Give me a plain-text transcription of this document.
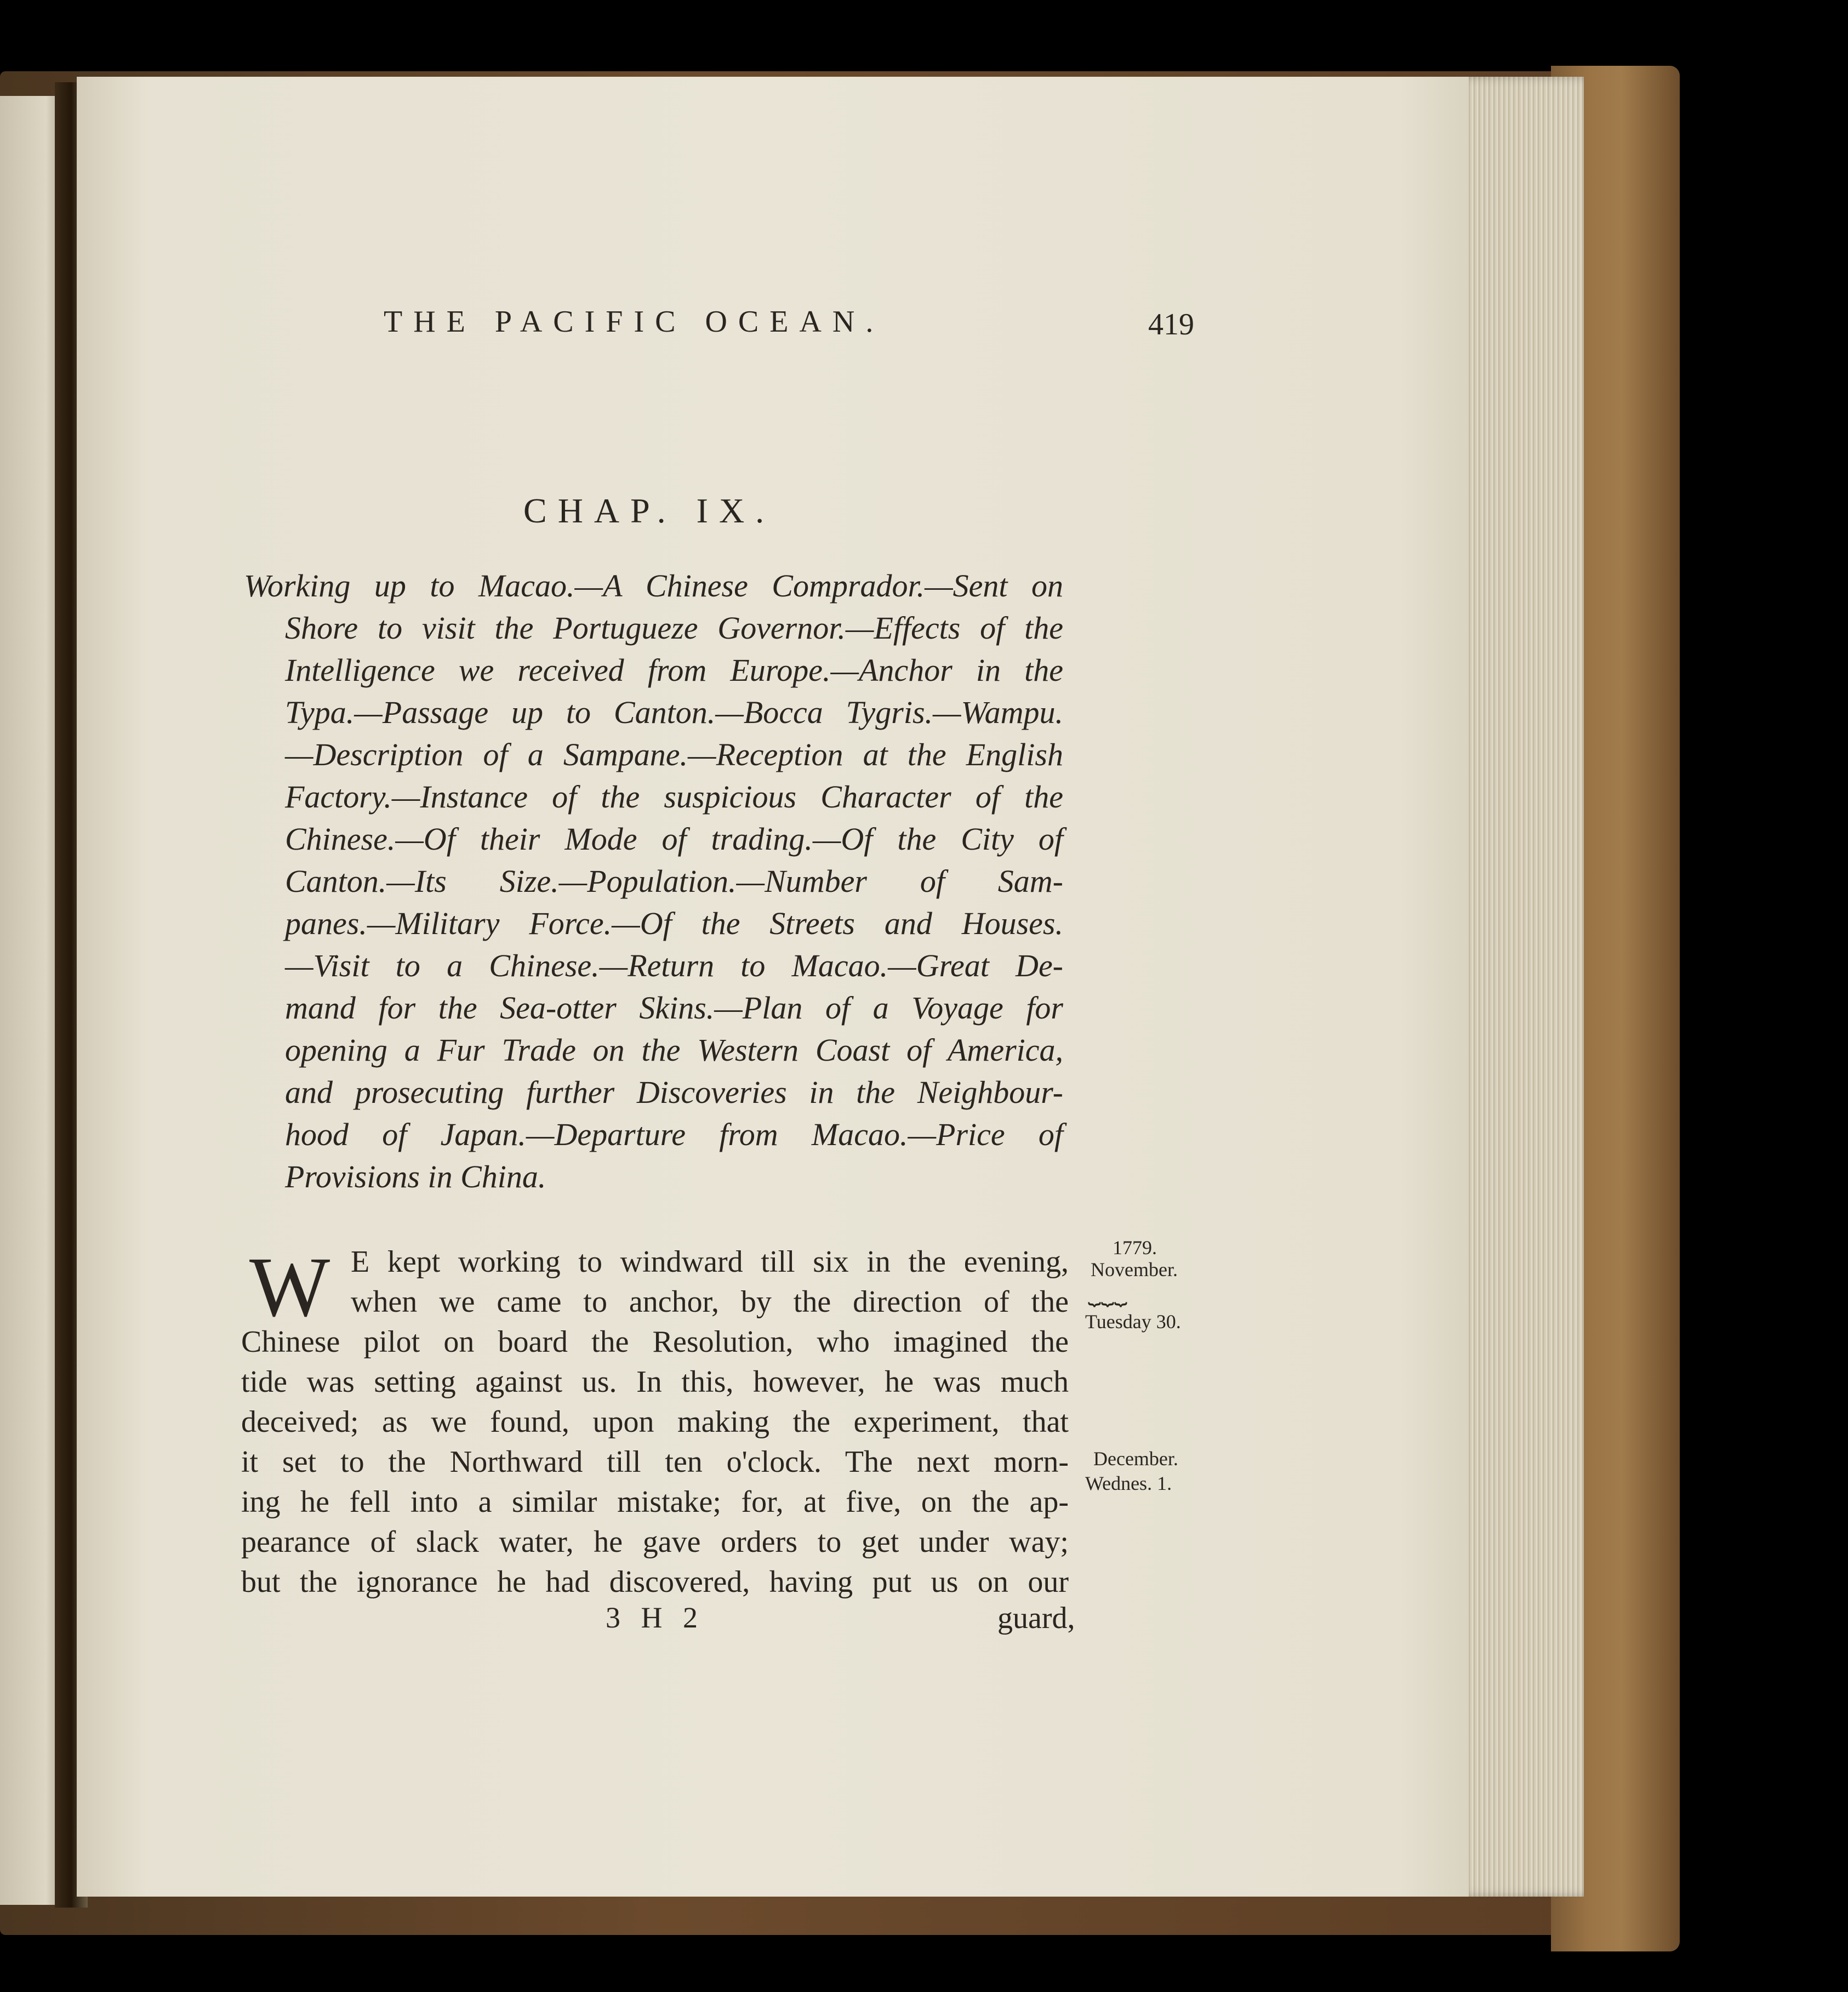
THE PACIFIC OCEAN.	419
CHAP. IX.
Working up to Macao.—A Chinese Comprador.—Sent on
Shore to visit the Portugueze Governor.—Effects of the
Intelligence we received from Europe.—Anchor in the
Typa.—Passage up to Canton.—Bocca Tygris.—Wampu.
—Description of a Sampane.—Reception at the English
Factory.—Instance of the suspicious Character of the
Chinese.—Of their Mode of trading.—Of the City of
Canton.—Its Size.—Population.—Number of Sam-
panes.—Military Force.—Of the Streets and Houses.
—Visit to a Chinese.—Return to Macao.—Great De-
mand for the Sea-otter Skins.—Plan of a Voyage for
opening a Fur Trade on the Western Coast of America,
and prosecuting further Discoveries in the Neighbour-
hood of Japan.—Departure from Macao.—Price of
Provisions in China.
W E kept working to windward till six in the evening,
when we came to anchor, by the direction of the
Chinese pilot on board the Resolution, who imagined the
tide was setting against us. In this, however, he was much
deceived; as we found, upon making the experiment, that
it set to the Northward till ten o'clock. The next morn-
ing he fell into a similar mistake; for, at five, on the ap-
pearance of slack water, he gave orders to get under way;
but the ignorance he had discovered, having put us on our
3 H 2	guard,
1779.
November.
⏟⏟⏟
Tuesday 30.
December.
Wednes. 1.
